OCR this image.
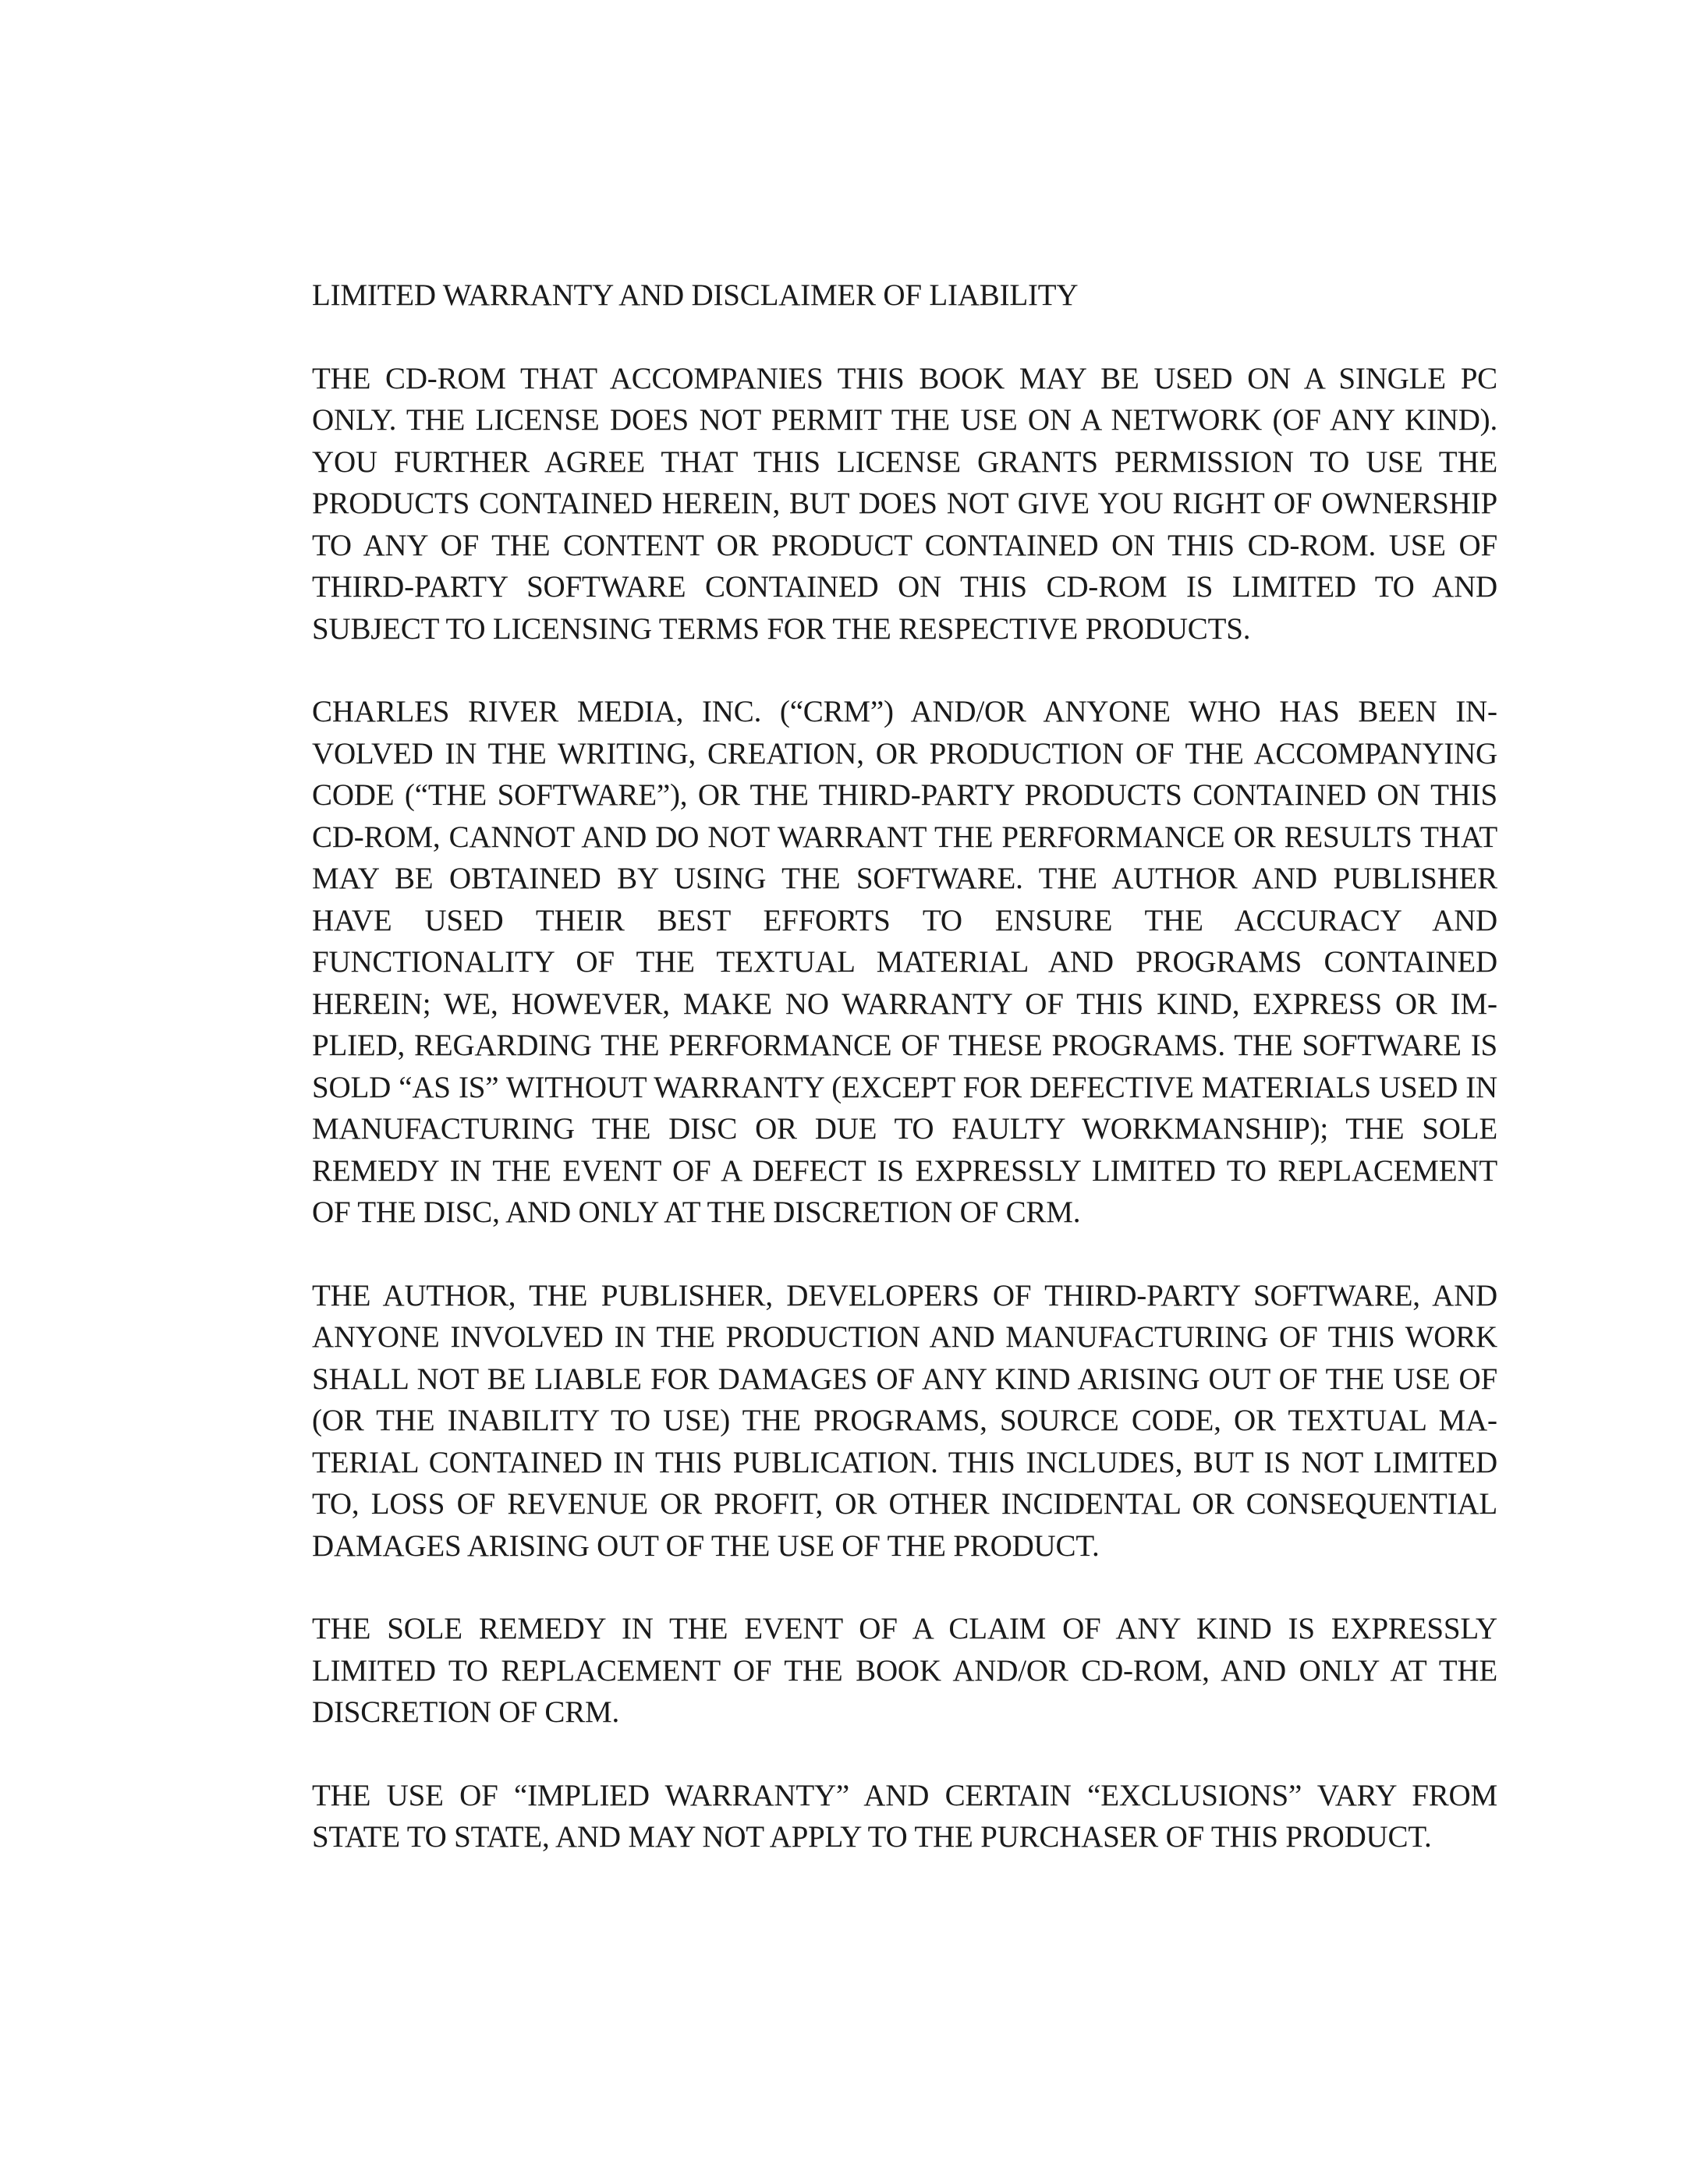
LIMITED WARRANTY AND DISCLAIMER OF LIABILITY

THE CD-ROM THAT ACCOMPANIES THIS BOOK MAY BE USED ON A SINGLE PC ONLY. THE LICENSE DOES NOT PERMIT THE USE ON A NETWORK (OF ANY KIND). YOU FURTHER AGREE THAT THIS LICENSE GRANTS PERMISSION TO USE THE PRODUCTS CONTAINED HEREIN, BUT DOES NOT GIVE YOU RIGHT OF OWNERSHIP TO ANY OF THE CONTENT OR PRODUCT CONTAINED ON THIS CD-ROM. USE OF THIRD-PARTY SOFTWARE CONTAINED ON THIS CD-ROM IS LIMITED TO AND SUBJECT TO LICENSING TERMS FOR THE RESPECTIVE PRODUCTS.

CHARLES RIVER MEDIA, INC. (“CRM”) AND/OR ANYONE WHO HAS BEEN INVOLVED IN THE WRITING, CREATION, OR PRODUCTION OF THE ACCOMPANYING CODE (“THE SOFTWARE”), OR THE THIRD-PARTY PRODUCTS CONTAINED ON THIS CD-ROM, CANNOT AND DO NOT WARRANT THE PERFORMANCE OR RESULTS THAT MAY BE OBTAINED BY USING THE SOFTWARE. THE AUTHOR AND PUBLISHER HAVE USED THEIR BEST EFFORTS TO ENSURE THE ACCURACY AND FUNCTIONALITY OF THE TEXTUAL MATERIAL AND PROGRAMS CONTAINED HEREIN; WE, HOWEVER, MAKE NO WARRANTY OF THIS KIND, EXPRESS OR IMPLIED, REGARDING THE PERFORMANCE OF THESE PROGRAMS. THE SOFTWARE IS SOLD “AS IS” WITHOUT WARRANTY (EXCEPT FOR DEFECTIVE MATERIALS USED IN MANUFACTURING THE DISC OR DUE TO FAULTY WORKMANSHIP); THE SOLE REMEDY IN THE EVENT OF A DEFECT IS EXPRESSLY LIMITED TO REPLACEMENT OF THE DISC, AND ONLY AT THE DISCRETION OF CRM.

THE AUTHOR, THE PUBLISHER, DEVELOPERS OF THIRD-PARTY SOFTWARE, AND ANYONE INVOLVED IN THE PRODUCTION AND MANUFACTURING OF THIS WORK SHALL NOT BE LIABLE FOR DAMAGES OF ANY KIND ARISING OUT OF THE USE OF (OR THE INABILITY TO USE) THE PROGRAMS, SOURCE CODE, OR TEXTUAL MATERIAL CONTAINED IN THIS PUBLICATION. THIS INCLUDES, BUT IS NOT LIMITED TO, LOSS OF REVENUE OR PROFIT, OR OTHER INCIDENTAL OR CONSEQUENTIAL DAMAGES ARISING OUT OF THE USE OF THE PRODUCT.

THE SOLE REMEDY IN THE EVENT OF A CLAIM OF ANY KIND IS EXPRESSLY LIMITED TO REPLACEMENT OF THE BOOK AND/OR CD-ROM, AND ONLY AT THE DISCRETION OF CRM.

THE USE OF “IMPLIED WARRANTY” AND CERTAIN “EXCLUSIONS” VARY FROM STATE TO STATE, AND MAY NOT APPLY TO THE PURCHASER OF THIS PRODUCT.
